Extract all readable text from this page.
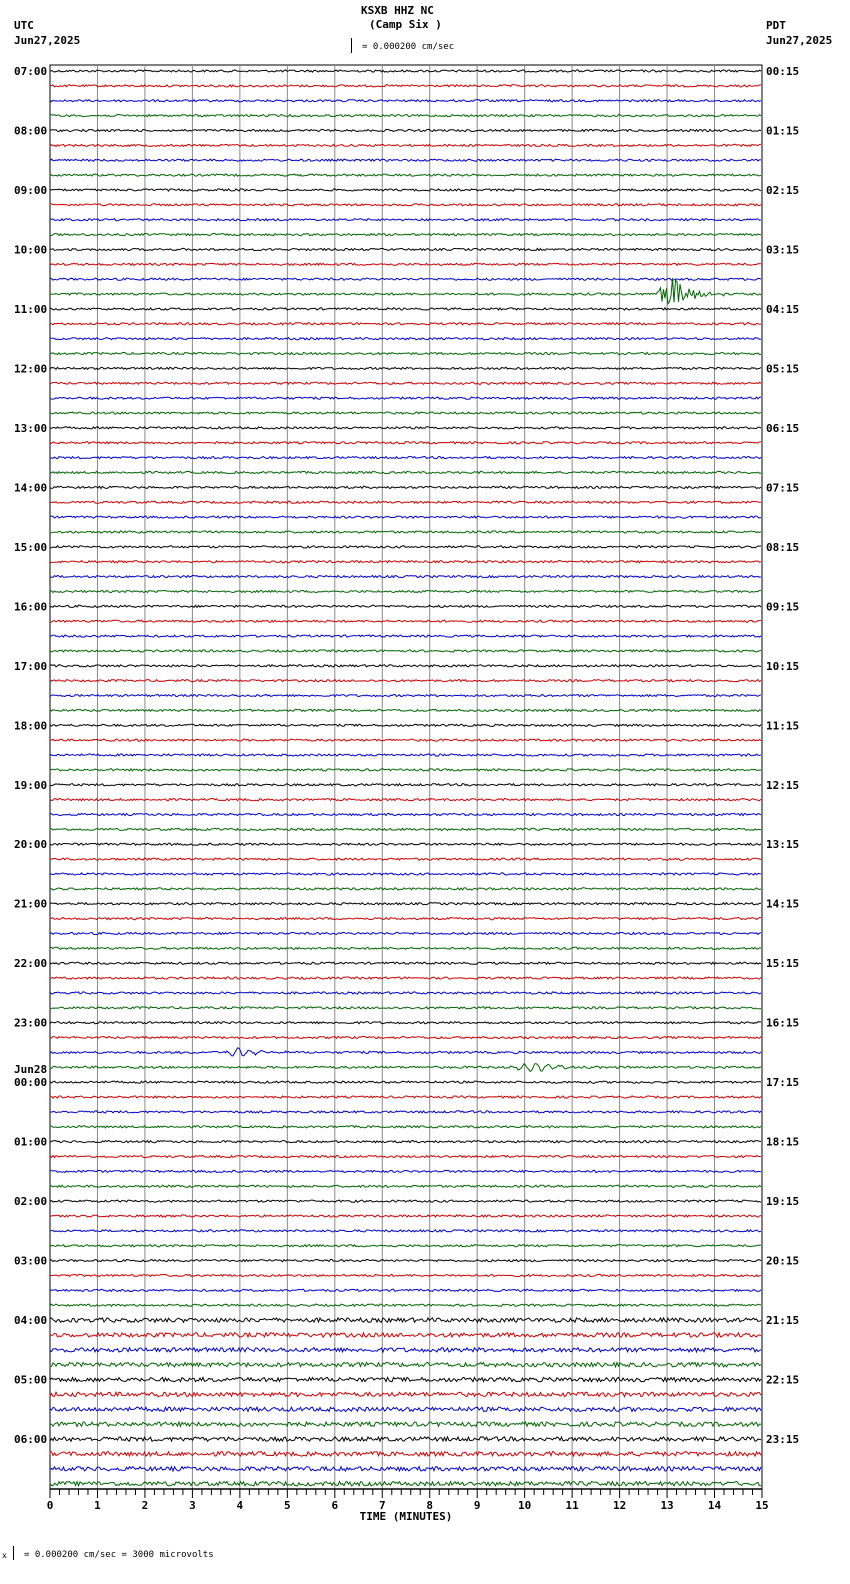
KSXB HHZ NC
(Camp Six )
UTC
Jun27,2025
PDT
Jun27,2025
= 0.000200 cm/sec
07:00	00:15
08:00	01:15
09:00	02:15
10:00	03:15
11:00	04:15
12:00	05:15
13:00	06:15
14:00	07:15
15:00	08:15
16:00	09:15
17:00	10:15
18:00	11:15
19:00	12:15
20:00	13:15
21:00	14:15
22:00	15:15
23:00	16:15
00:00	17:15
01:00	18:15
02:00	19:15
03:00	20:15
04:00	21:15
05:00	22:15
06:00	23:15
Jun28
0	1	2	3	4	5	6	7	8	9	10	11	12	13	14	15
TIME (MINUTES)
x = 0.000200 cm/sec = 3000 microvolts
